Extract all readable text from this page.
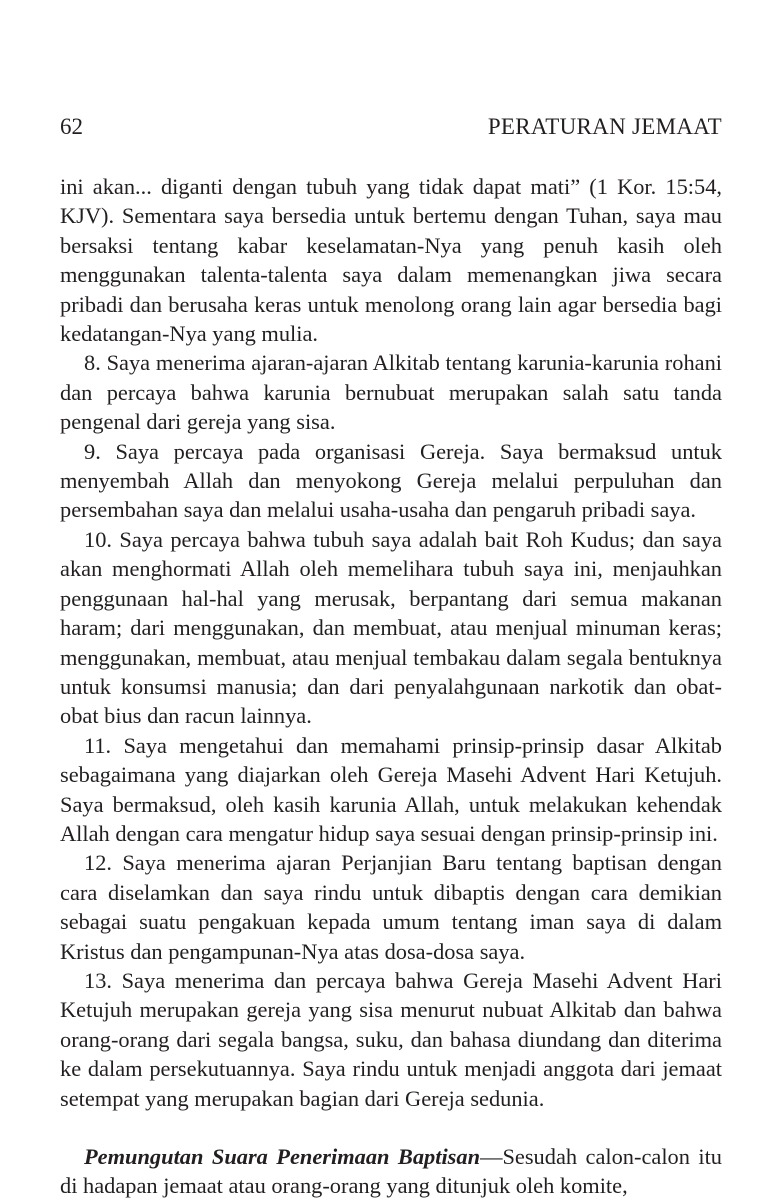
62	PERATURAN JEMAAT

ini akan... diganti dengan tubuh yang tidak dapat mati” (1 Kor. 15:54, KJV). Sementara saya bersedia untuk bertemu dengan Tuhan, saya mau bersaksi tentang kabar keselamatan-Nya yang penuh kasih oleh menggunakan talenta-talenta saya dalam memenangkan jiwa secara pribadi dan berusaha keras untuk menolong orang lain agar bersedia bagi kedatangan-Nya yang mulia.

8. Saya menerima ajaran-ajaran Alkitab tentang karunia-karunia rohani dan percaya bahwa karunia bernubuat merupakan salah satu tanda pengenal dari gereja yang sisa.

9. Saya percaya pada organisasi Gereja. Saya bermaksud untuk menyembah Allah dan menyokong Gereja melalui perpuluhan dan persembahan saya dan melalui usaha-usaha dan pengaruh pribadi saya.

10. Saya percaya bahwa tubuh saya adalah bait Roh Kudus; dan saya akan menghormati Allah oleh memelihara tubuh saya ini, menjauhkan penggunaan hal-hal yang merusak, berpantang dari semua makanan haram; dari menggunakan, dan membuat, atau menjual minuman keras; menggunakan, membuat, atau menjual tembakau dalam segala bentuknya untuk konsumsi manusia; dan dari penyalahgunaan narkotik dan obat-obat bius dan racun lainnya.

11. Saya mengetahui dan memahami prinsip-prinsip dasar Alkitab sebagaimana yang diajarkan oleh Gereja Masehi Advent Hari Ketujuh. Saya bermaksud, oleh kasih karunia Allah, untuk melakukan kehendak Allah dengan cara mengatur hidup saya sesuai dengan prinsip-prinsip ini.

12. Saya menerima ajaran Perjanjian Baru tentang baptisan dengan cara diselamkan dan saya rindu untuk dibaptis dengan cara demikian sebagai suatu pengakuan kepada umum tentang iman saya di dalam Kristus dan pengampunan-Nya atas dosa-dosa saya.

13. Saya menerima dan percaya bahwa Gereja Masehi Advent Hari Ketujuh merupakan gereja yang sisa menurut nubuat Alkitab dan bahwa orang-orang dari segala bangsa, suku, dan bahasa diundang dan diterima ke dalam persekutuannya. Saya rindu untuk menjadi anggota dari jemaat setempat yang merupakan bagian dari Gereja sedunia.

Pemungutan Suara Penerimaan Baptisan—Sesudah calon-calon itu di hadapan jemaat atau orang-orang yang ditunjuk oleh komite,
